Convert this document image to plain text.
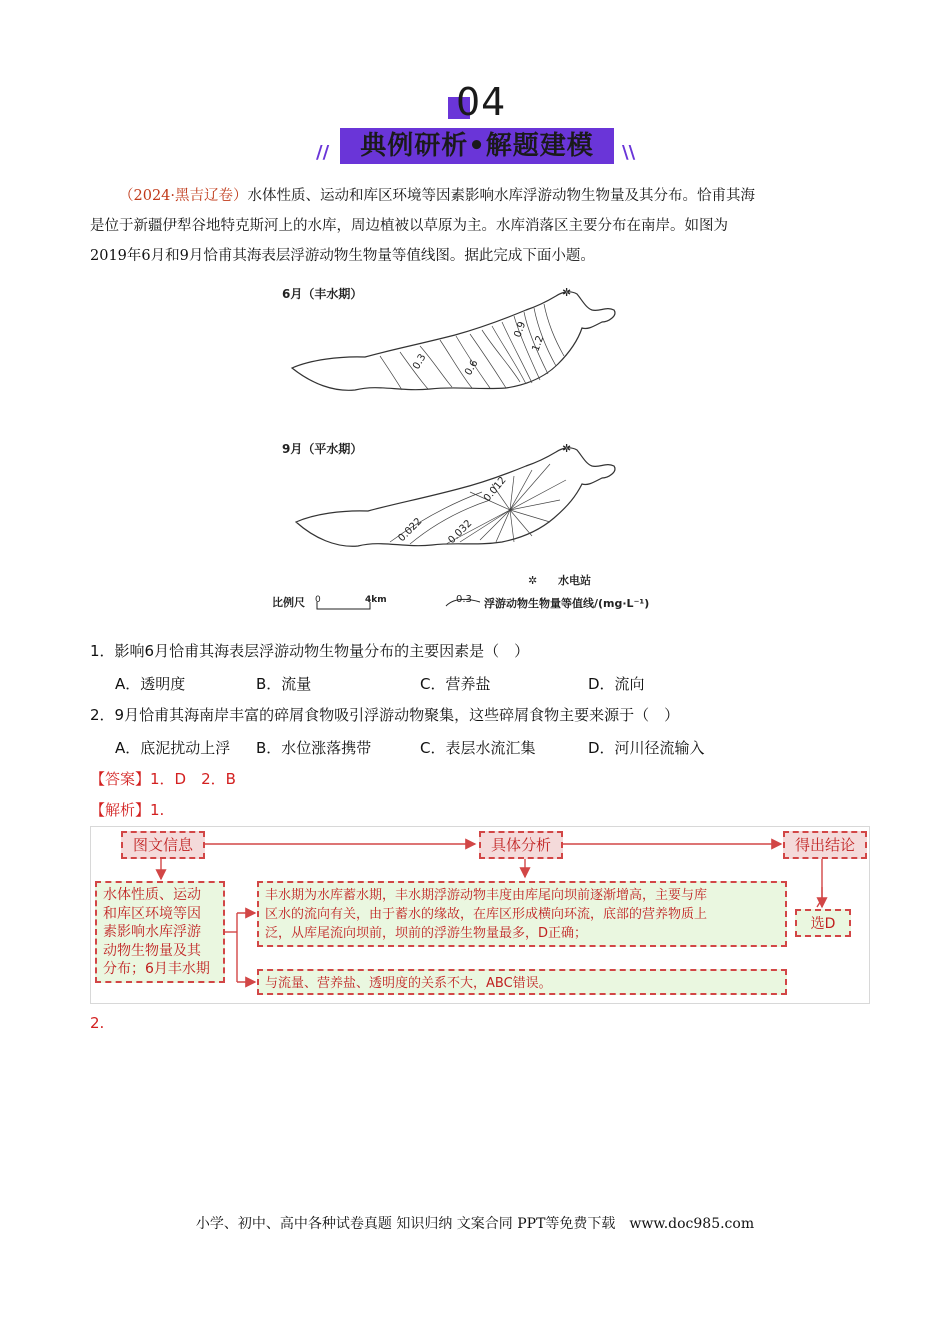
04
//	典例研析•解题建模	\\
（2024·黑吉辽卷）水体性质、运动和库区环境等因素影响水库浮游动物生物量及其分布。恰甫其海
是位于新疆伊犁谷地特克斯河上的水库，周边植被以草原为主。水库消落区主要分布在南岸。如图为
2019年6月和9月恰甫其海表层浮游动物生物量等值线图。据此完成下面小题。
6月（丰水期）
0.3	0.6
0.9
1.2
✲
9月（平水期）
0.022 0.032
0.012
✲
✲ 水电站
比例尺 0	4km	0.3 浮游动物生物量等值线/(mg·L⁻¹)
1．影响6月恰甫其海表层浮游动物生物量分布的主要因素是（　）
A．透明度	B．流量	C．营养盐	D．流向
2．9月恰甫其海南岸丰富的碎屑食物吸引浮游动物聚集，这些碎屑食物主要来源于（　）
A．底泥扰动上浮 B．水位涨落携带	C．表层水流汇集	D．河川径流输入
【答案】1．D　2．B
【解析】1.
图文信息	具体分析	得出结论
水体性质、运动
和库区环境等因
素影响水库浮游
动物生物量及其
分布；6月丰水期
丰水期为水库蓄水期，丰水期浮游动物丰度由库尾向坝前逐渐增高，主要与库
区水的流向有关，由于蓄水的缘故，在库区形成横向环流，底部的营养物质上
泛，从库尾流向坝前，坝前的浮游生物量最多，D正确；
与流量、营养盐、透明度的关系不大，ABC错误。
选D
2.
小学、初中、高中各种试卷真题 知识归纳 文案合同 PPT等免费下载　www.doc985.com
